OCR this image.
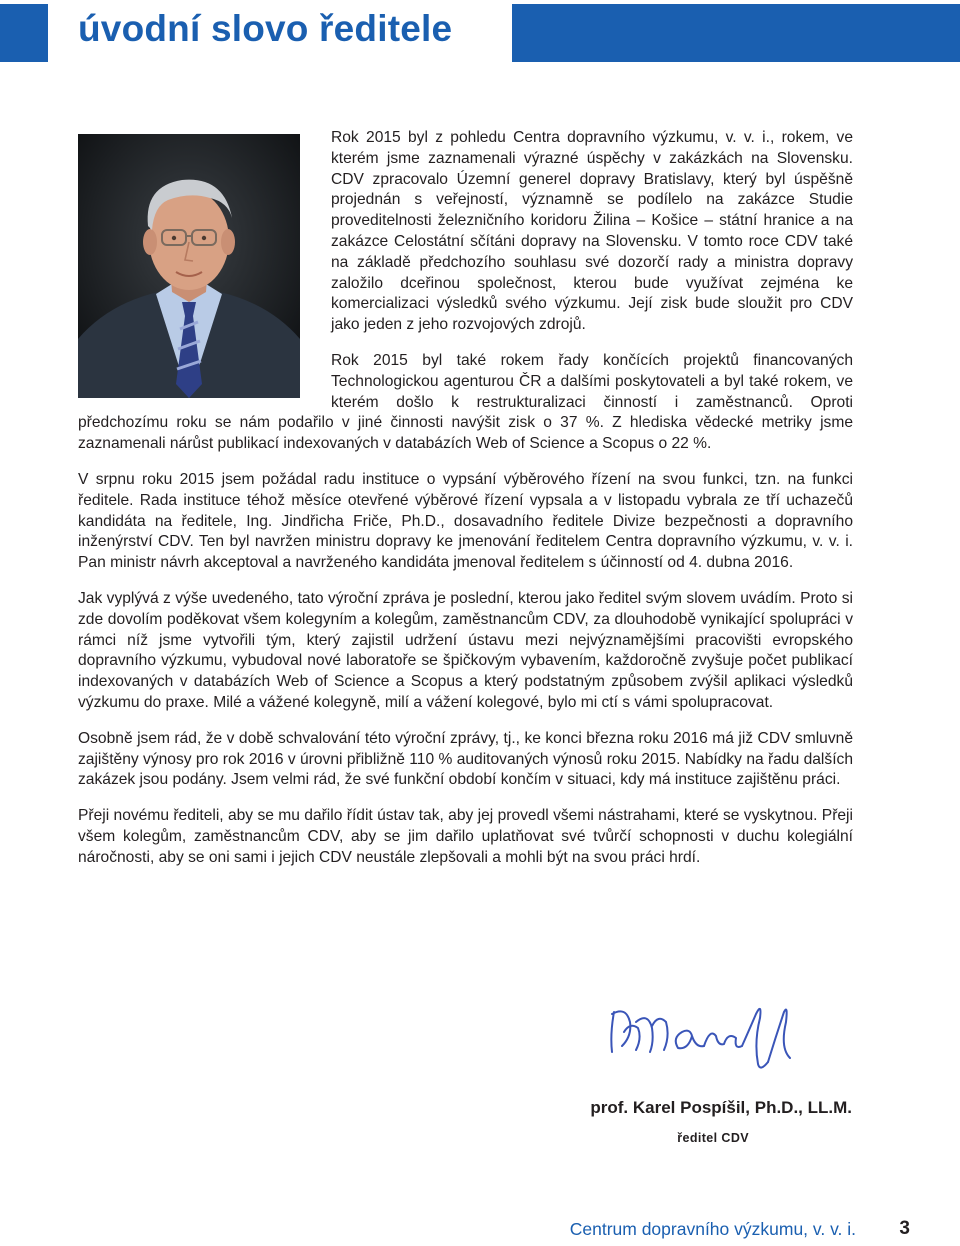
úvodní slovo ředitele

Rok 2015 byl z pohledu Centra dopravního výzkumu, v. v. i., rokem, ve kterém jsme zaznamenali výrazné úspěchy v zakázkách na Slovensku. CDV zpracovalo Územní generel dopravy Bratislavy, který byl úspěšně projednán s veřejností, významně se podílelo na zakázce Studie proveditelnosti železničního koridoru Žilina – Košice – státní hranice a na zakázce Celostátní sčítáni dopravy na Slovensku. V tomto roce CDV také na základě předchozího souhlasu své dozorčí rady a ministra dopravy založilo dceřinou společnost, kterou bude využívat zejména ke komercializaci výsledků svého výzkumu. Její zisk bude sloužit pro CDV jako jeden z jeho rozvojových zdrojů.

Rok 2015 byl také rokem řady končících projektů financovaných Technologickou agenturou ČR a dalšími poskytovateli a byl také rokem, ve kterém došlo k restrukturalizaci činností i zaměstnanců. Oproti předchozímu roku se nám podařilo v jiné činnosti navýšit zisk o 37 %. Z hlediska vědecké metriky jsme zaznamenali nárůst publikací indexovaných v databázích Web of Science a Scopus o 22 %.

V srpnu roku 2015 jsem požádal radu instituce o vypsání výběrového řízení na svou funkci, tzn. na funkci ředitele. Rada instituce téhož měsíce otevřené výběrové řízení vypsala a v listopadu vybrala ze tří uchazečů kandidáta na ředitele, Ing. Jindřicha Friče, Ph.D., dosavadního ředitele Divize bezpečnosti a dopravního inženýrství CDV. Ten byl navržen ministru dopravy ke jmenování ředitelem Centra dopravního výzkumu, v. v. i. Pan ministr návrh akceptoval a navrženého kandidáta jmenoval ředitelem s účinností od 4. dubna 2016.

Jak vyplývá z výše uvedeného, tato výroční zpráva je poslední, kterou jako ředitel svým slovem uvádím. Proto si zde dovolím poděkovat všem kolegyním a kolegům, zaměstnancům CDV, za dlouhodobě vynikající spolupráci v rámci níž jsme vytvořili tým, který zajistil udržení ústavu mezi nejvýznamějšími pracovišti evropského dopravního výzkumu, vybudoval nové laboratoře se špičkovým vybavením, každoročně zvyšuje počet publikací indexovaných v databázích Web of Science a Scopus a který podstatným způsobem zvýšil aplikaci výsledků výzkumu do praxe. Milé a vážené kolegyně, milí a vážení kolegové, bylo mi ctí s vámi spolupracovat.

Osobně jsem rád, že v době schvalování této výroční zprávy, tj., ke konci března roku 2016 má již CDV smluvně zajištěny výnosy pro rok 2016 v úrovni přibližně 110 % auditovaných výnosů roku 2015. Nabídky na řadu dalších zakázek jsou podány. Jsem velmi rád, že své funkční období končím v situaci, kdy má instituce zajištěnu práci.

Přeji novému řediteli, aby se mu dařilo řídit ústav tak, aby jej provedl všemi nástrahami, které se vyskytnou. Přeji všem kolegům, zaměstnancům CDV, aby se jim dařilo uplatňovat své tvůrčí schopnosti v duchu kolegiální náročnosti, aby se oni sami i jejich CDV neustále zlepšovali a mohli být na svou práci hrdí.

prof. Karel Pospíšil, Ph.D., LL.M.

ředitel CDV

Centrum dopravního výzkumu, v. v. i. 3
